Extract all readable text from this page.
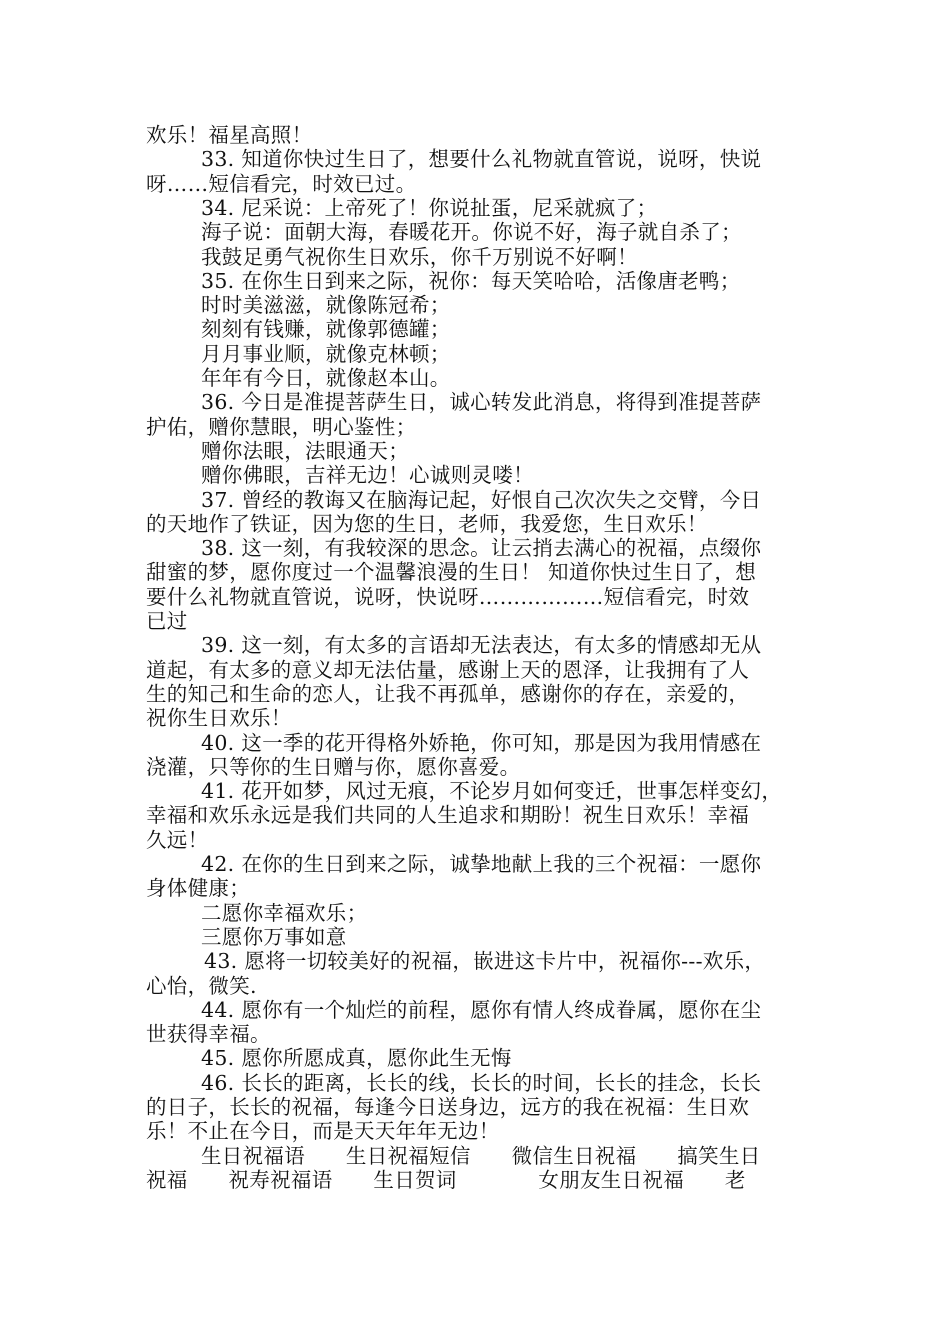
欢乐！福星高照！
33. 知道你快过生日了，想要什么礼物就直管说，说呀，快说
呀……短信看完，时效已过。
34. 尼采说：上帝死了！你说扯蛋，尼采就疯了；
海子说：面朝大海，春暖花开。你说不好，海子就自杀了；
我鼓足勇气祝你生日欢乐，你千万别说不好啊！
35. 在你生日到来之际，祝你：每天笑哈哈，活像唐老鸭；
时时美滋滋，就像陈冠希；
刻刻有钱赚，就像郭德罐；
月月事业顺，就像克林顿；
年年有今日，就像赵本山。
36. 今日是准提菩萨生日，诚心转发此消息，将得到准提菩萨
护佑，赠你慧眼，明心鉴性；
赠你法眼，法眼通天；
赠你佛眼，吉祥无边！心诚则灵喽！
37. 曾经的教诲又在脑海记起，好恨自己次次失之交臂，今日
的天地作了铁证，因为您的生日，老师，我爱您，生日欢乐！
38. 这一刻，有我较深的思念。让云捎去满心的祝福，点缀你
甜蜜的梦，愿你度过一个温馨浪漫的生日！ 知道你快过生日了，想
要什么礼物就直管说，说呀，快说呀………………短信看完，时效
已过
39. 这一刻，有太多的言语却无法表达，有太多的情感却无从
道起，有太多的意义却无法估量，感谢上天的恩泽，让我拥有了人
生的知己和生命的恋人，让我不再孤单，感谢你的存在，亲爱的，
祝你生日欢乐！
40. 这一季的花开得格外娇艳，你可知，那是因为我用情感在
浇灌，只等你的生日赠与你，愿你喜爱。
41. 花开如梦，风过无痕，不论岁月如何变迁，世事怎样变幻，
幸福和欢乐永远是我们共同的人生追求和期盼！祝生日欢乐！幸福
久远！
42. 在你的生日到来之际，诚挚地献上我的三个祝福：一愿你
身体健康；
二愿你幸福欢乐；
三愿你万事如意
43. 愿将一切较美好的祝福，嵌进这卡片中，祝福你---欢乐，
心怡，微笑.
44. 愿你有一个灿烂的前程，愿你有情人终成眷属，愿你在尘
世获得幸福。
45. 愿你所愿成真，愿你此生无悔
46. 长长的距离，长长的线，长长的时间，长长的挂念，长长
的日子，长长的祝福，每逢今日送身边，远方的我在祝福：生日欢
乐！不止在今日，而是天天年年无边！
生日祝福语      生日祝福短信      微信生日祝福      搞笑生日
祝福      祝寿祝福语      生日贺词            女朋友生日祝福      老
